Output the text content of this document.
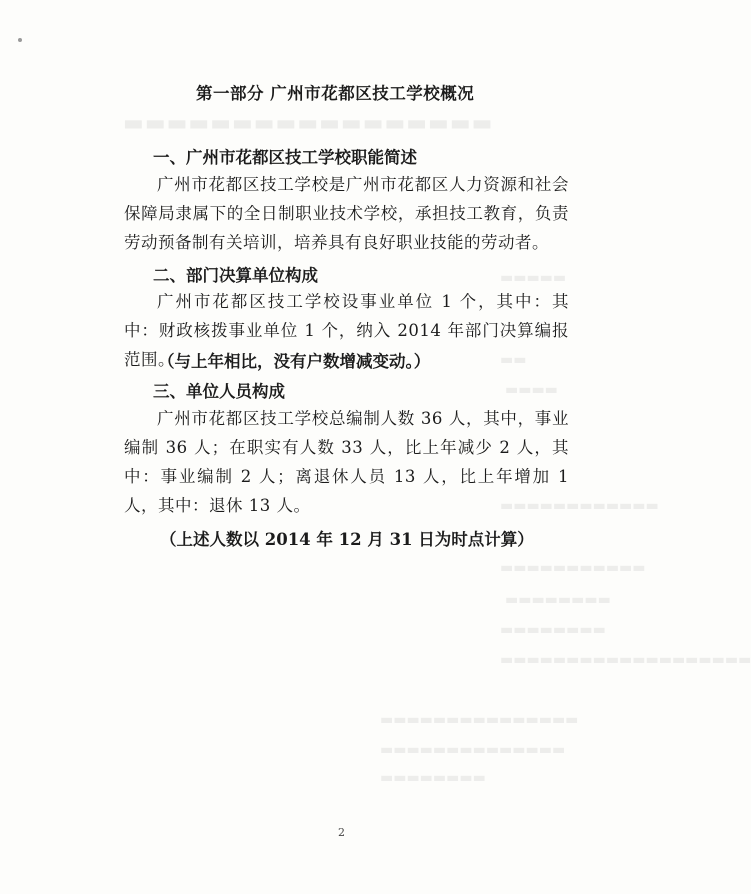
▬▬▬▬▬▬▬▬▬▬▬▬▬▬▬▬▬
▬▬▬▬▬
▬▬
▬▬▬▬
▬▬▬▬▬▬▬▬▬▬▬▬
▬▬▬▬▬▬▬▬▬▬▬
▬▬▬▬▬▬▬▬
▬▬▬▬▬▬▬▬
▬▬▬▬▬▬▬▬▬▬▬▬▬▬▬▬▬▬▬
▬▬▬▬▬▬▬▬▬▬▬▬▬▬▬
▬▬▬▬▬▬▬▬▬▬▬▬▬▬
▬▬▬▬▬▬▬▬
第一部分 广州市花都区技工学校概况
一、广州市花都区技工学校职能简述
广州市花都区技工学校是广州市花都区人力资源和社会保障局隶属下的全日制职业技术学校，承担技工教育，负责劳动预备制有关培训，培养具有良好职业技能的劳动者。
二、部门决算单位构成
广州市花都区技工学校设事业单位 1 个，其中：其中：财政核拨事业单位 1 个，纳入 2014 年部门决算编报范围。
（与上年相比，没有户数增减变动。）
三、单位人员构成
广州市花都区技工学校总编制人数 36 人，其中，事业编制 36 人；在职实有人数 33 人，比上年减少 2 人，其中：事业编制 2 人；离退休人员 13 人，比上年增加 1 人，其中：退休 13 人。
（上述人数以 2014 年 12 月 31 日为时点计算）
2
